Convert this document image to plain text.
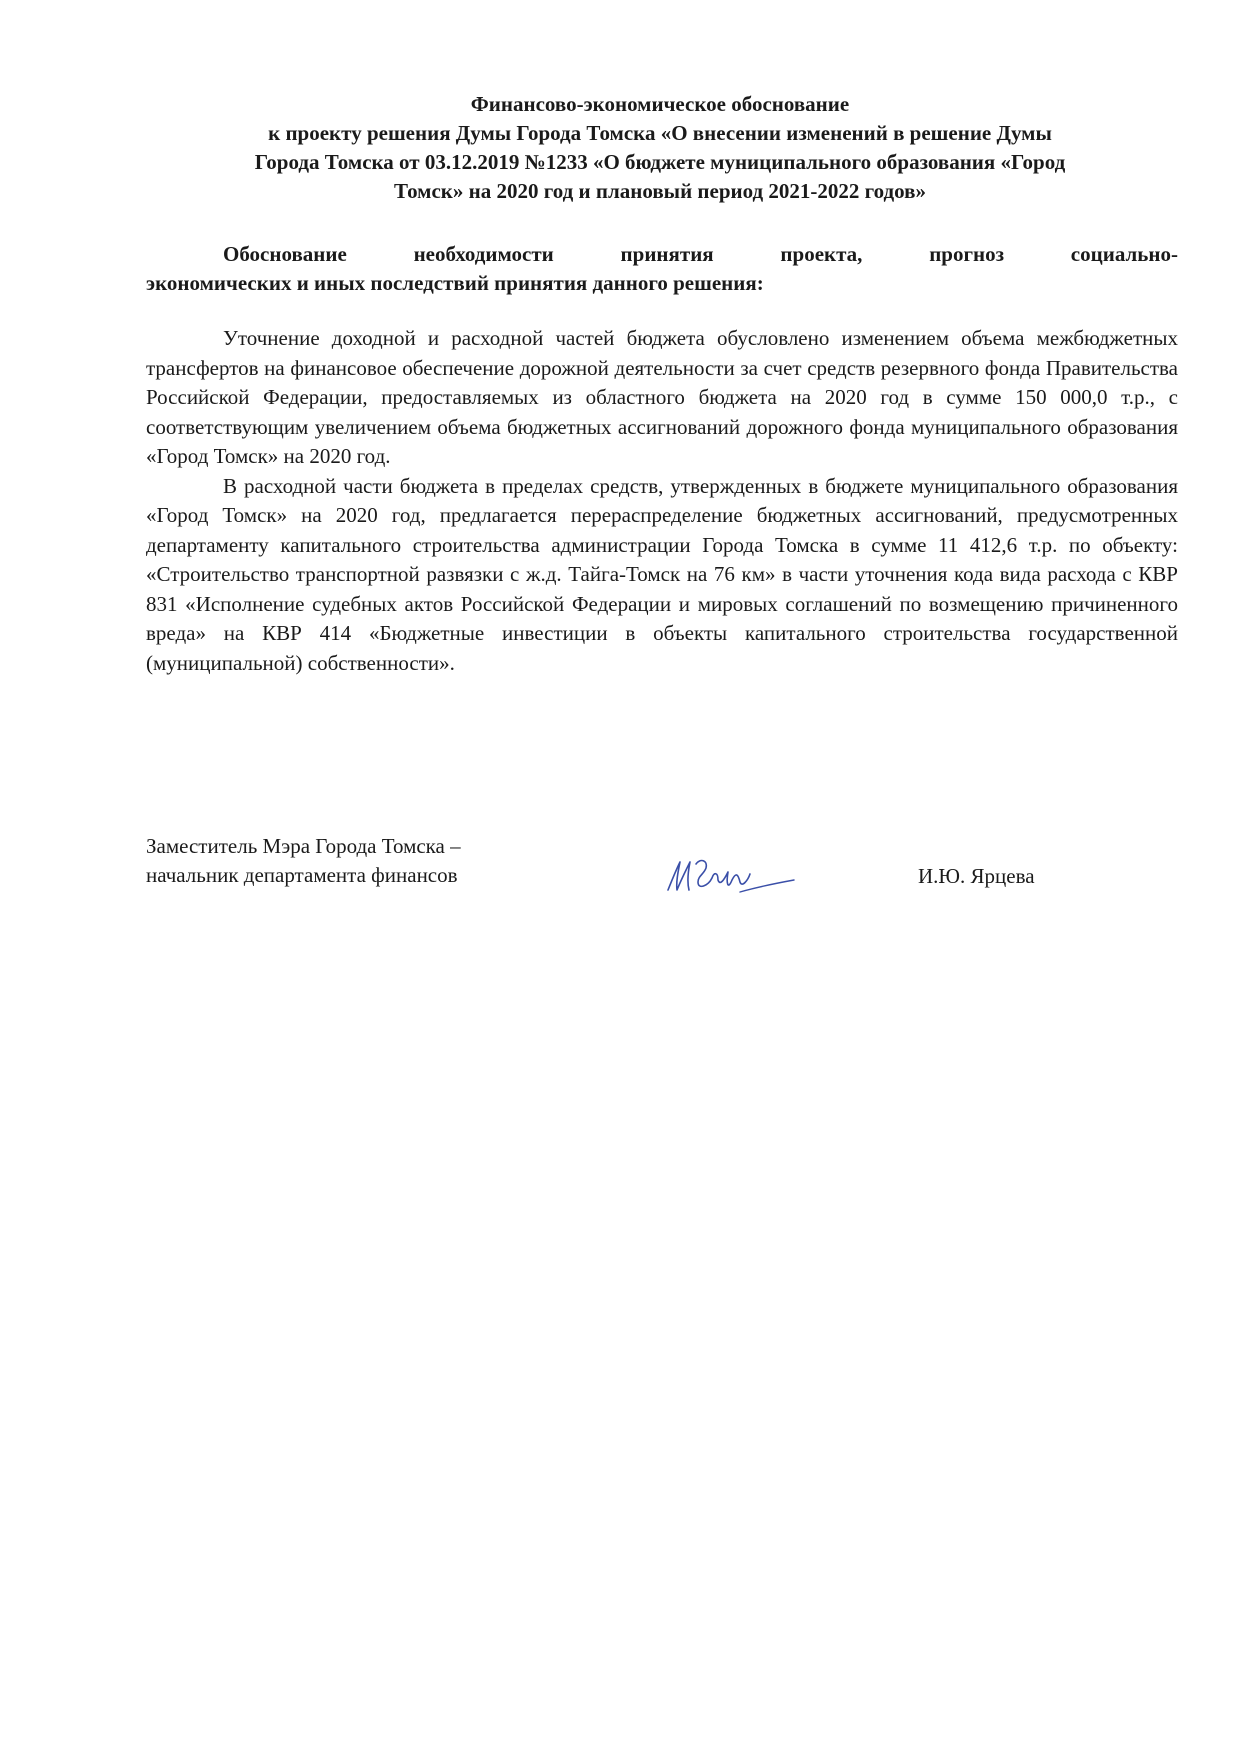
Финансово-экономическое обоснование
к проекту решения Думы Города Томска «О внесении изменений в решение Думы
Города Томска от 03.12.2019 №1233 «О бюджете муниципального образования «Город
Томск» на 2020 год и плановый период 2021-2022 годов»
Обоснование необходимости принятия проекта, прогноз социально-
экономических и иных последствий принятия данного решения:

Уточнение доходной и расходной частей бюджета обусловлено изменением объема межбюджетных трансфертов на финансовое обеспечение дорожной деятельности за счет средств резервного фонда Правительства Российской Федерации, предоставляемых из областного бюджета на 2020 год в сумме 150 000,0 т.р., с соответствующим увеличением объема бюджетных ассигнований дорожного фонда муниципального образования «Город Томск» на 2020 год.

В расходной части бюджета в пределах средств, утвержденных в бюджете муниципального образования «Город Томск» на 2020 год, предлагается перераспределение бюджетных ассигнований, предусмотренных департаменту капитального строительства администрации Города Томска в сумме 11 412,6 т.р. по объекту: «Строительство транспортной развязки с ж.д. Тайга-Томск на 76 км» в части уточнения кода вида расхода с КВР 831 «Исполнение судебных актов Российской Федерации и мировых соглашений по возмещению причиненного вреда» на КВР 414 «Бюджетные инвестиции в объекты капитального строительства государственной (муниципальной) собственности».

Заместитель Мэра Города Томска –
начальник департамента финансов	И.Ю. Ярцева
